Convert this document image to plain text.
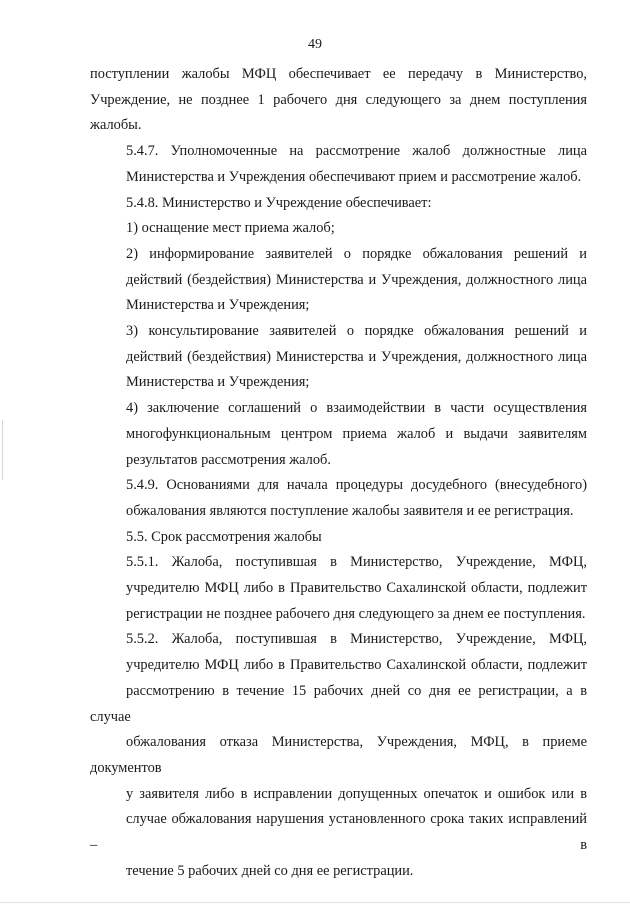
49
поступлении жалобы МФЦ обеспечивает ее передачу в Министерство,
Учреждение, не позднее 1 рабочего дня следующего за днем поступления
жалобы.
5.4.7. Уполномоченные на рассмотрение жалоб должностные лица
Министерства и Учреждения обеспечивают прием и рассмотрение жалоб.
5.4.8. Министерство и Учреждение обеспечивает:
1) оснащение мест приема жалоб;
2) информирование заявителей о порядке обжалования решений и
действий (бездействия) Министерства и Учреждения, должностного лица
Министерства и Учреждения;
3) консультирование заявителей о порядке обжалования решений и
действий (бездействия) Министерства и Учреждения, должностного лица
Министерства и Учреждения;
4) заключение соглашений о взаимодействии в части осуществления
многофункциональным центром приема жалоб и выдачи заявителям
результатов рассмотрения жалоб.
5.4.9. Основаниями для начала процедуры досудебного (внесудебного)
обжалования являются поступление жалобы заявителя и ее регистрация.
5.5. Срок рассмотрения жалобы
5.5.1. Жалоба, поступившая в Министерство, Учреждение, МФЦ,
учредителю МФЦ либо в Правительство Сахалинской области, подлежит
регистрации не позднее рабочего дня следующего за днем ее поступления.
5.5.2. Жалоба, поступившая в Министерство, Учреждение, МФЦ,
учредителю МФЦ либо в Правительство Сахалинской области, подлежит
рассмотрению в течение 15 рабочих дней со дня ее регистрации, а в случае
обжалования отказа Министерства, Учреждения, МФЦ, в приеме документов
у заявителя либо в исправлении допущенных опечаток и ошибок или в
случае обжалования нарушения установленного срока таких исправлений – в
течение 5 рабочих дней со дня ее регистрации.
